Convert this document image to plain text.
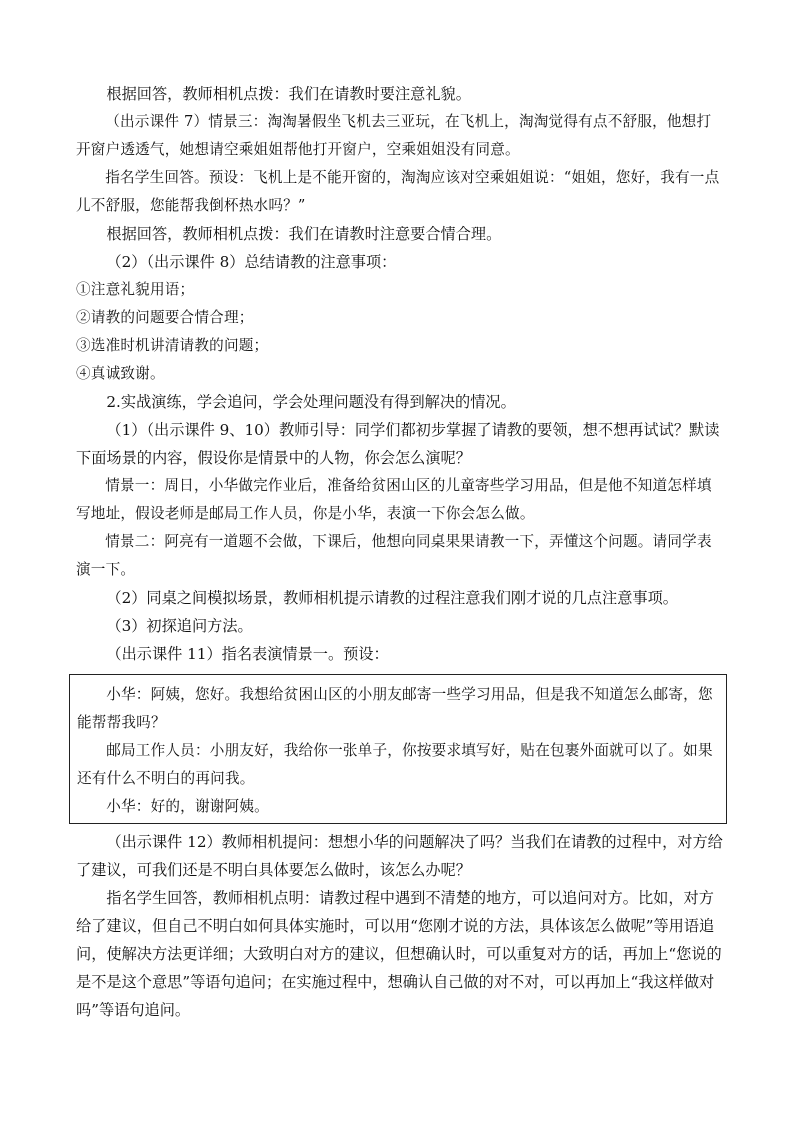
根据回答，教师相机点拨：我们在请教时要注意礼貌。

（出示课件 7）情景三：淘淘暑假坐飞机去三亚玩，在飞机上，淘淘觉得有点不舒服，他想打开窗户透透气，她想请空乘姐姐帮他打开窗户，空乘姐姐没有同意。

指名学生回答。预设：飞机上是不能开窗的，淘淘应该对空乘姐姐说：“姐姐，您好，我有一点儿不舒服，您能帮我倒杯热水吗？”

根据回答，教师相机点拨：我们在请教时注意要合情合理。

（2）（出示课件 8）总结请教的注意事项：

①注意礼貌用语；

②请教的问题要合情合理；

③选准时机讲清请教的问题；

④真诚致谢。

2.实战演练，学会追问，学会处理问题没有得到解决的情况。

（1）（出示课件 9、10）教师引导：同学们都初步掌握了请教的要领，想不想再试试？默读下面场景的内容，假设你是情景中的人物，你会怎么演呢？

情景一：周日，小华做完作业后，准备给贫困山区的儿童寄些学习用品，但是他不知道怎样填写地址，假设老师是邮局工作人员，你是小华，表演一下你会怎么做。

情景二：阿亮有一道题不会做，下课后，他想向同桌果果请教一下，弄懂这个问题。请同学表演一下。

（2）同桌之间模拟场景，教师相机提示请教的过程注意我们刚才说的几点注意事项。

（3）初探追问方法。

（出示课件 11）指名表演情景一。预设：

小华：阿姨，您好。我想给贫困山区的小朋友邮寄一些学习用品，但是我不知道怎么邮寄，您能帮帮我吗？

邮局工作人员：小朋友好，我给你一张单子，你按要求填写好，贴在包裹外面就可以了。如果还有什么不明白的再问我。

小华：好的，谢谢阿姨。

（出示课件 12）教师相机提问：想想小华的问题解决了吗？当我们在请教的过程中，对方给了建议，可我们还是不明白具体要怎么做时，该怎么办呢？

指名学生回答，教师相机点明：请教过程中遇到不清楚的地方，可以追问对方。比如，对方给了建议，但自己不明白如何具体实施时，可以用“您刚才说的方法，具体该怎么做呢”等用语追问，使解决方法更详细；大致明白对方的建议，但想确认时，可以重复对方的话，再加上“您说的是不是这个意思”等语句追问；在实施过程中，想确认自己做的对不对，可以再加上“我这样做对吗”等语句追问。
